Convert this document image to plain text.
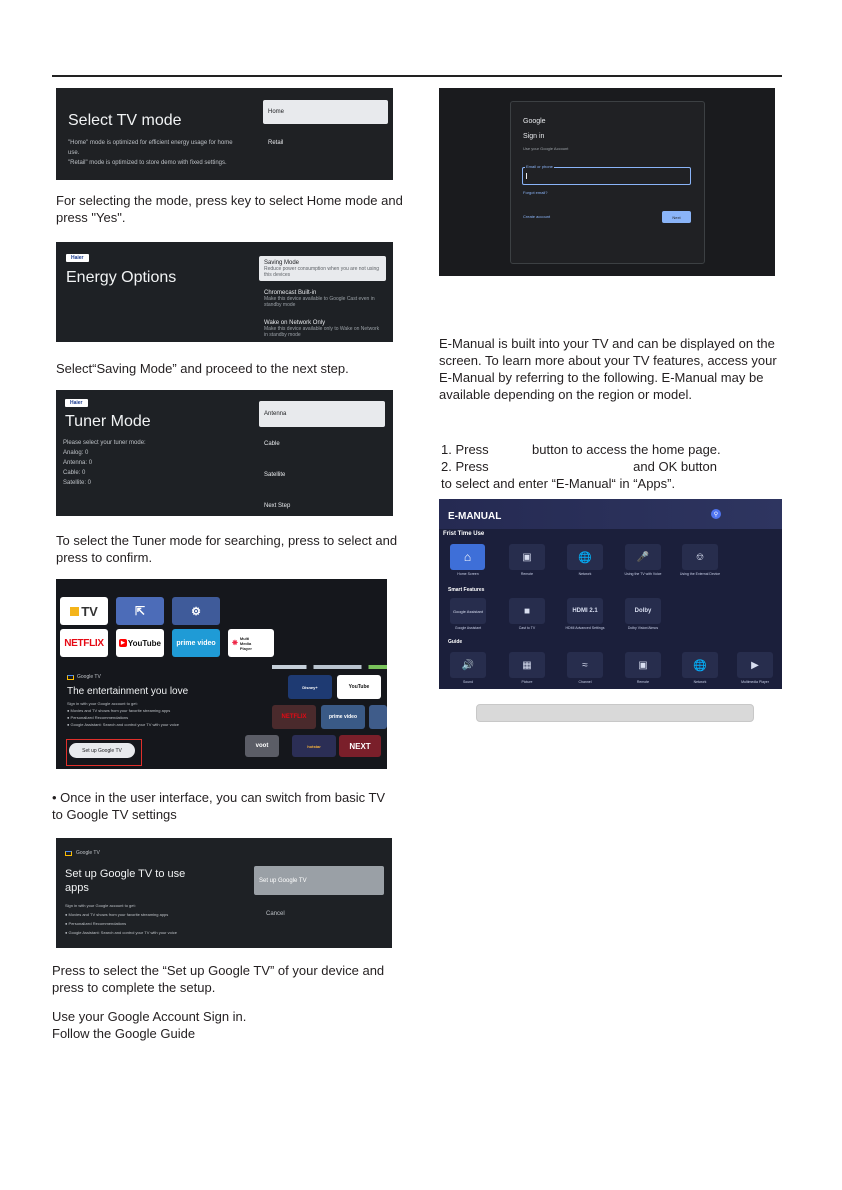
Select TV mode
"Home" mode is optimized for efficient energy usage for home use.
"Retail" mode is optimized to store demo with fixed settings.
Home
Retail
For selecting the mode, press key to select Home mode and press "Yes".
Haier
Energy Options
Saving Mode
Reduce power consumption when you are not using this devices
Chromecast Built-in
Make this device available to Google Cast even in standby mode
Wake on Network Only
Make this device available only to Wake on Network in standby mode
Select“Saving Mode” and proceed to the next step.
Haier
Tuner Mode
Please select your tuner mode:
Analog: 0
Antenna: 0
Cable: 0
Satellite: 0
Antenna
Cable
Satellite
Next Step
To select the Tuner mode for searching, press to select and press to confirm.
TV	⇱	⚙
NETFLIX	▶ YouTube prime video ❋
Multi Media Player
Disney+	YouTube
NETFLIX	prime video
voot	hotstar	NEXT
Google TV
The entertainment you love
Sign in with your Google account to get:
● Movies and TV shows from your favorite streaming apps
● Personalized Recommendations
● Google Assistant: Search and control your TV with your voice
Set up Google TV
• Once in the user interface, you can switch from basic TV to Google TV settings
Google TV
Set up Google TV to use apps
Sign in with your Google account to get:
● Movies and TV shows from your favorite streaming apps
● Personalized Recommendations
● Google Assistant: Search and control your TV with your voice
Set up Google TV
Cancel
Press to select the “Set up Google TV” of your device and press to complete the setup.
Use your Google Account Sign in.
Follow the Google Guide
Google
Sign in
Use your Google Account
Email or phone
Forgot email?
Create account	Next
E-Manual is built into your TV and can be displayed on the screen. To learn more about your TV features, access your E-Manual by referring to the following. E-Manual may be available depending on the region or model.
1. Press            button to access the home page.
2. Press                                        and OK button
to select and enter “E-Manual“ in “Apps”.
E-MANUAL	⚲
Frist Time Use
⌂
Home Screen
▣
Remote
🌐
Network
🎤
Using the TV with Voice
⎊
Using the External Device
Smart Features
Google Assistant
Google Assistant
■
Cast to TV
HDMI 2.1
HDMI Advanced Settings
Dolby
Dolby Vision/Atmos
Guide
🔊
Sound
▦
Picture
≈
Channel
▣
Remote
🌐
Network
▶
Multimedia Player
